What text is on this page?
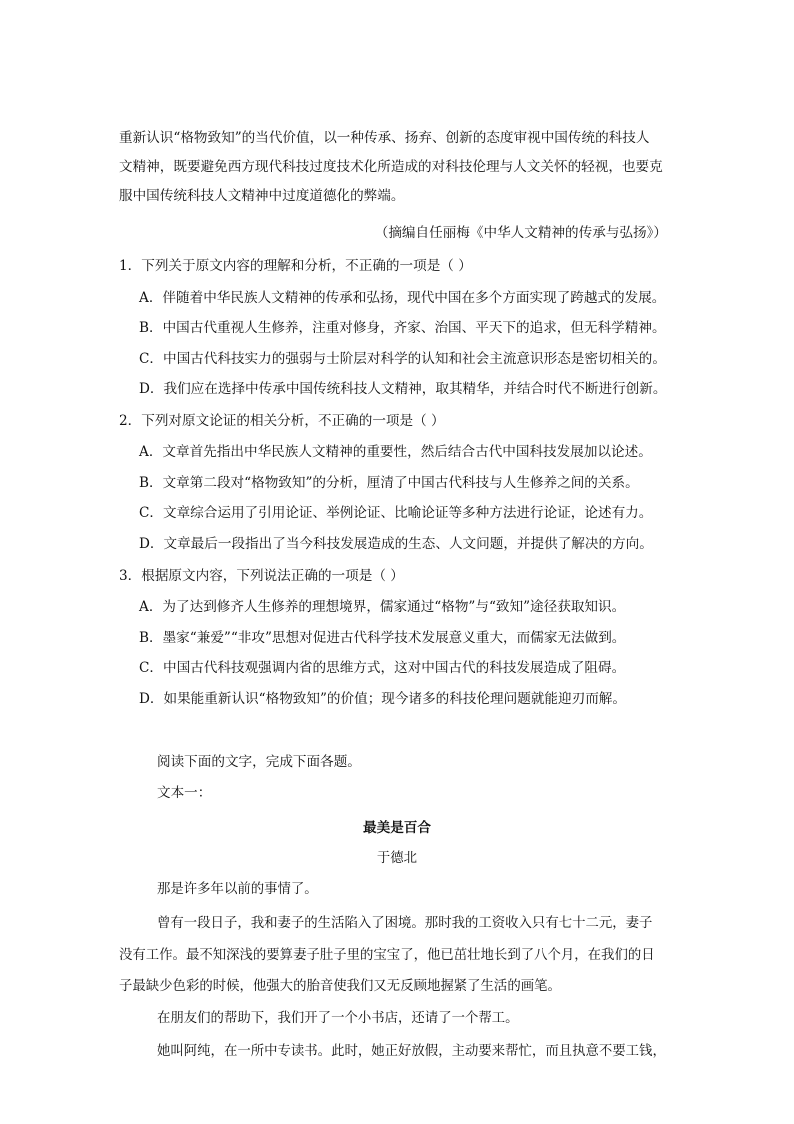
重新认识“格物致知”的当代价值，以一种传承、扬弃、创新的态度审视中国传统的科技人
文精神，既要避免西方现代科技过度技术化所造成的对科技伦理与人文关怀的轻视，也要克
服中国传统科技人文精神中过度道德化的弊端。
（摘编自任丽梅《中华人文精神的传承与弘扬》）
1．下列关于原文内容的理解和分析，不正确的一项是（ ）
A．伴随着中华民族人文精神的传承和弘扬，现代中国在多个方面实现了跨越式的发展。
B．中国古代重视人生修养，注重对修身，齐家、治国、平天下的追求，但无科学精神。
C．中国古代科技实力的强弱与士阶层对科学的认知和社会主流意识形态是密切相关的。
D．我们应在选择中传承中国传统科技人文精神，取其精华，并结合时代不断进行创新。
2．下列对原文论证的相关分析，不正确的一项是（ ）
A．文章首先指出中华民族人文精神的重要性，然后结合古代中国科技发展加以论述。
B．文章第二段对“格物致知”的分析，厘清了中国古代科技与人生修养之间的关系。
C．文章综合运用了引用论证、举例论证、比喻论证等多种方法进行论证，论述有力。
D．文章最后一段指出了当今科技发展造成的生态、人文问题，并提供了解决的方向。
3．根据原文内容，下列说法正确的一项是（ ）
A．为了达到修齐人生修养的理想境界，儒家通过“格物”与“致知”途径获取知识。
B．墨家“兼爱”“非攻”思想对促进古代科学技术发展意义重大，而儒家无法做到。
C．中国古代科技观强调内省的思维方式，这对中国古代的科技发展造成了阻碍。
D．如果能重新认识“格物致知”的价值；现今诸多的科技伦理问题就能迎刃而解。
阅读下面的文字，完成下面各题。
文本一：
最美是百合
于德北
那是许多年以前的事情了。
曾有一段日子，我和妻子的生活陷入了困境。那时我的工资收入只有七十二元，妻子
没有工作。最不知深浅的要算妻子肚子里的宝宝了，他已茁壮地长到了八个月，在我们的日
子最缺少色彩的时候，他强大的胎音使我们又无反顾地握紧了生活的画笔。
在朋友们的帮助下，我们开了一个小书店，还请了一个帮工。
她叫阿纯，在一所中专读书。此时，她正好放假，主动要来帮忙，而且执意不要工钱，
